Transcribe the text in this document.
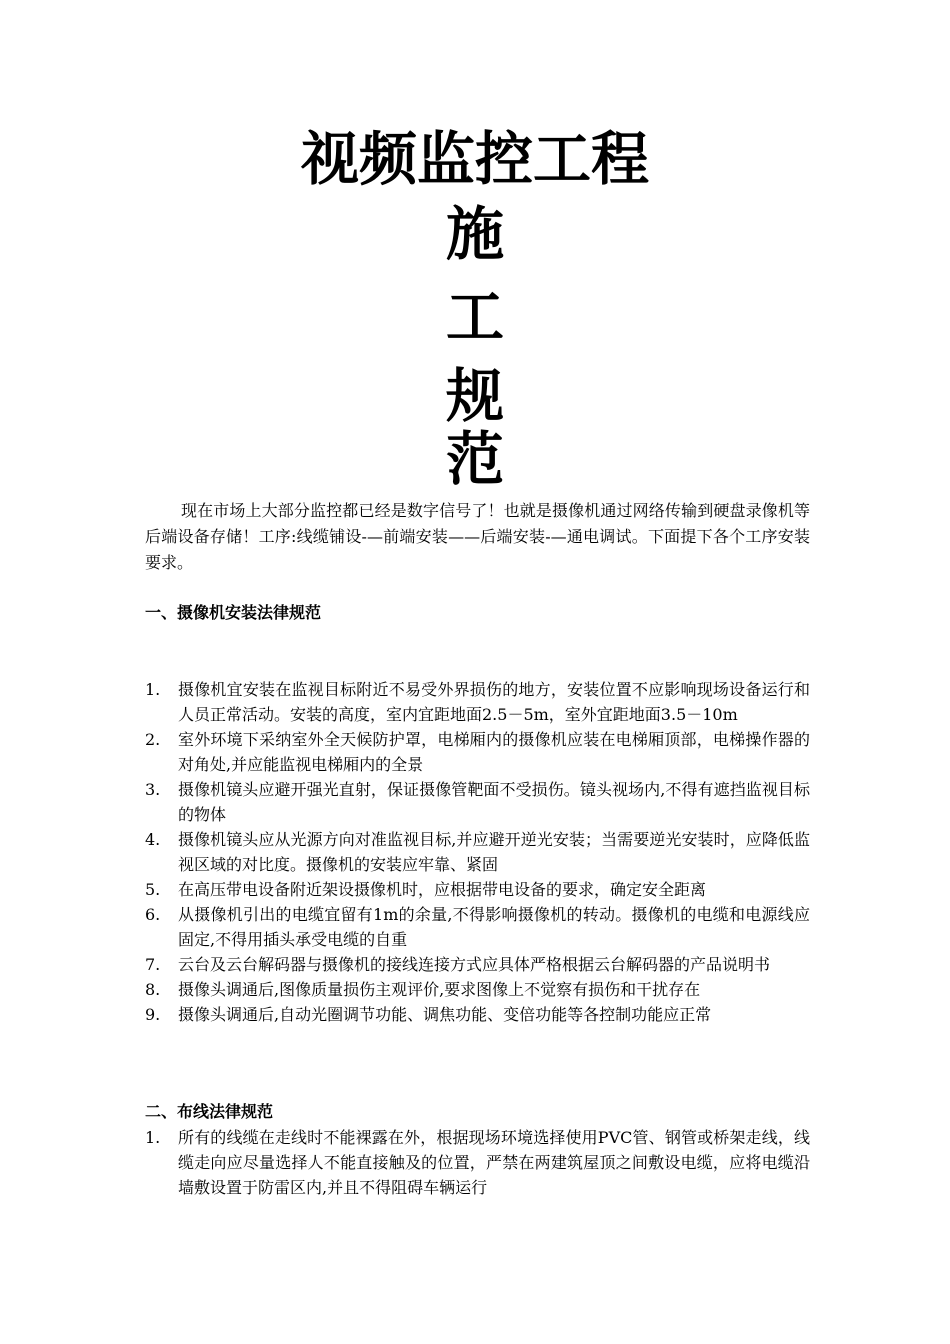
视频监控工程
施
工
规
范

现在市场上大部分监控都已经是数字信号了！也就是摄像机通过网络传输到硬盘录像机等后端设备存储！工序:线缆铺设-—前端安装——后端安装-—通电调试。下面提下各个工序安装要求。

一、摄像机安装法律规范
1. 摄像机宜安装在监视目标附近不易受外界损伤的地方，安装位置不应影响现场设备运行和人员正常活动。安装的高度，室内宜距地面2.5－5m，室外宜距地面3.5－10m
2. 室外环境下采纳室外全天候防护罩，电梯厢内的摄像机应装在电梯厢顶部，电梯操作器的对角处,并应能监视电梯厢内的全景
3. 摄像机镜头应避开强光直射，保证摄像管靶面不受损伤。镜头视场内,不得有遮挡监视目标的物体
4. 摄像机镜头应从光源方向对准监视目标,并应避开逆光安装；当需要逆光安装时，应降低监视区域的对比度。摄像机的安装应牢靠、紧固
5. 在高压带电设备附近架设摄像机时，应根据带电设备的要求，确定安全距离
6. 从摄像机引出的电缆宜留有1m的余量,不得影响摄像机的转动。摄像机的电缆和电源线应固定,不得用插头承受电缆的自重
7. 云台及云台解码器与摄像机的接线连接方式应具体严格根据云台解码器的产品说明书
8. 摄像头调通后,图像质量损伤主观评价,要求图像上不觉察有损伤和干扰存在
9. 摄像头调通后,自动光圈调节功能、调焦功能、变倍功能等各控制功能应正常
二、布线法律规范
1. 所有的线缆在走线时不能裸露在外，根据现场环境选择使用PVC管、钢管或桥架走线，线缆走向应尽量选择人不能直接触及的位置，严禁在两建筑屋顶之间敷设电缆，应将电缆沿墙敷设置于防雷区内,并且不得阻碍车辆运行
